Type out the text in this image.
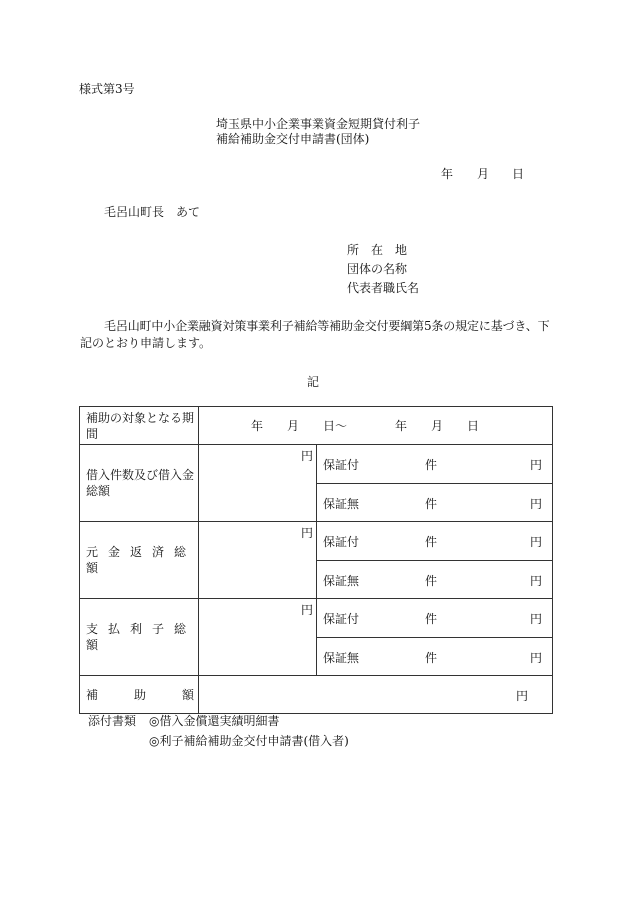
様式第3号
埼玉県中小企業事業資金短期貸付利子
補給補助金交付申請書(団体)
年 月 日
毛呂山町長　あて
所　在　地
団体の名称
代表者職氏名
毛呂山町中小企業融資対策事業利子補給等補助金交付要綱第5条の規定に基づき、下
記のとおり申請します。
記
補助の対象となる期間	年　　月　　日～　　　　年　　月　　日	

借入件数及び借入金総額	円	保証付 件 円

		保証無 件 円

元金返済総額	円	保証付 件 円

		保証無 件 円

支払利子総額	円	保証付 件 円

		保証無 件 円

補　　　助　　　額	円	
添付書類 ◎借入金償還実績明細書
◎利子補給補助金交付申請書(借入者)
